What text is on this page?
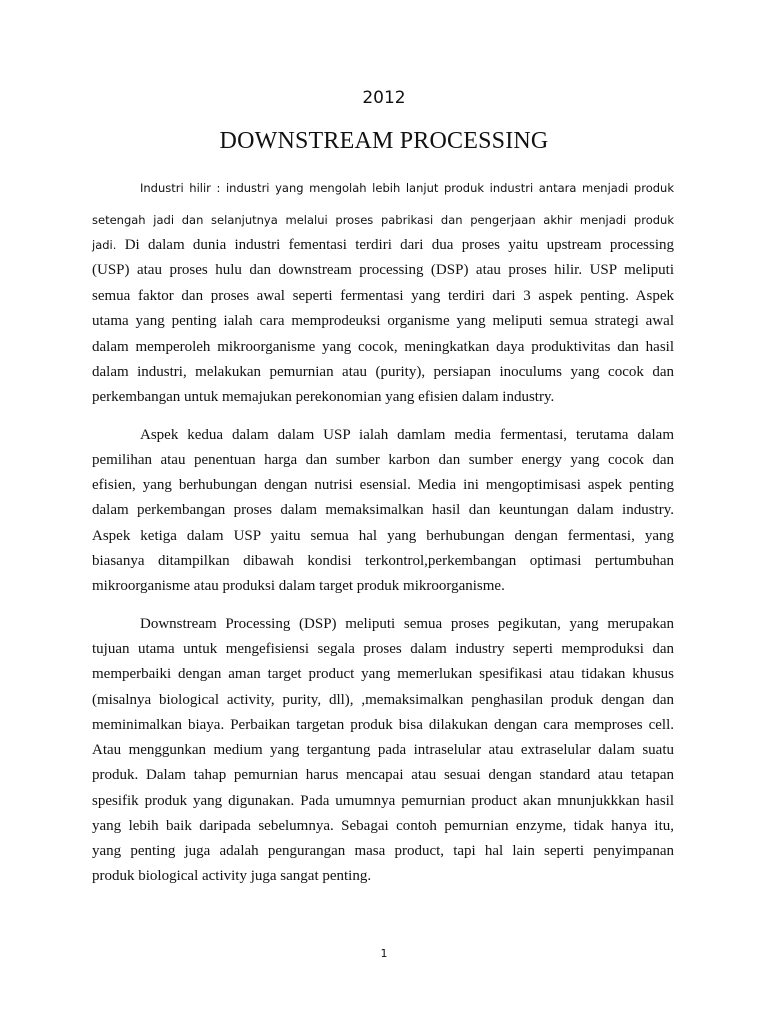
2012
DOWNSTREAM PROCESSING
Industri hilir : industri yang mengolah lebih lanjut produk industri antara menjadi produk
setengah jadi dan selanjutnya melalui proses pabrikasi dan pengerjaan akhir menjadi produk
jadi. Di dalam dunia industri fementasi terdiri dari dua proses yaitu upstream processing
(USP) atau proses hulu dan downstream processing (DSP) atau proses hilir. USP meliputi
semua faktor dan proses awal seperti fermentasi yang terdiri dari 3 aspek penting. Aspek
utama yang penting ialah cara memprodeuksi organisme yang meliputi semua strategi awal
dalam memperoleh mikroorganisme yang cocok, meningkatkan daya produktivitas dan hasil
dalam industri, melakukan pemurnian atau (purity), persiapan inoculums yang cocok dan
perkembangan untuk memajukan perekonomian yang efisien dalam industry.
Aspek kedua dalam dalam USP ialah damlam media fermentasi, terutama dalam
pemilihan atau penentuan harga dan sumber karbon dan sumber energy yang cocok dan
efisien, yang berhubungan dengan nutrisi esensial. Media ini mengoptimisasi aspek penting
dalam perkembangan proses dalam memaksimalkan hasil dan keuntungan dalam industry.
Aspek ketiga dalam USP yaitu semua hal yang berhubungan dengan fermentasi, yang
biasanya ditampilkan dibawah kondisi terkontrol,perkembangan optimasi pertumbuhan
mikroorganisme atau produksi dalam target produk mikroorganisme.
Downstream Processing (DSP) meliputi semua proses pegikutan, yang merupakan
tujuan utama untuk mengefisiensi segala proses dalam industry seperti memproduksi dan
memperbaiki dengan aman target product yang memerlukan spesifikasi atau tidakan khusus
(misalnya biological activity, purity, dll), ,memaksimalkan penghasilan produk dengan dan
meminimalkan biaya. Perbaikan targetan produk bisa dilakukan dengan cara memproses cell.
Atau menggunkan medium yang tergantung pada intraselular atau extraselular dalam suatu
produk. Dalam tahap pemurnian harus mencapai atau sesuai dengan standard atau tetapan
spesifik produk yang digunakan. Pada umumnya pemurnian product akan mnunjukkkan hasil
yang lebih baik daripada sebelumnya. Sebagai contoh pemurnian enzyme, tidak hanya itu,
yang penting juga adalah pengurangan masa product, tapi hal lain seperti penyimpanan
produk biological activity juga sangat penting.
1
